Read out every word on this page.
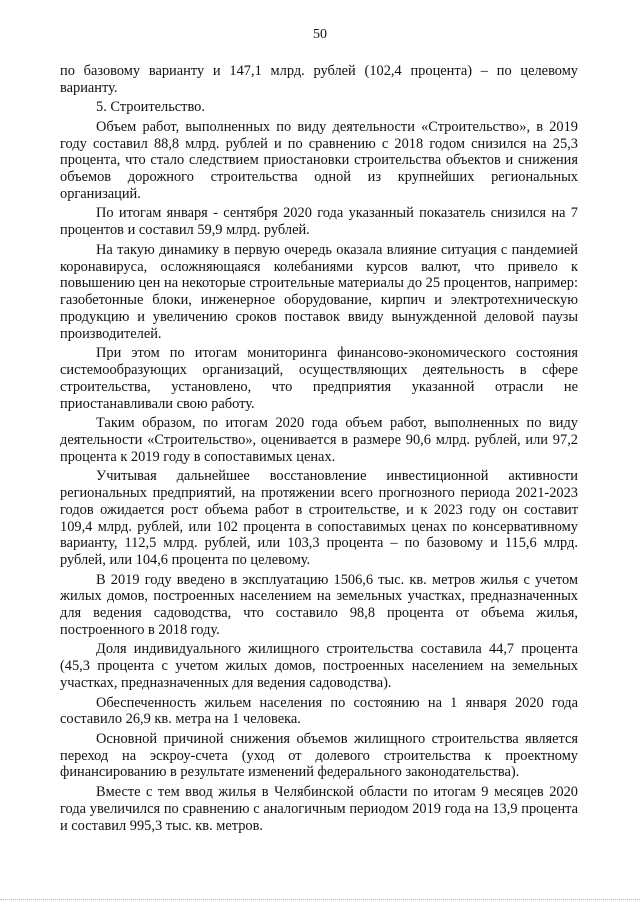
50

по базовому варианту и 147,1 млрд. рублей (102,4 процента) – по целевому варианту.

5. Строительство.

Объем работ, выполненных по виду деятельности «Строительство», в 2019 году составил 88,8 млрд. рублей и по сравнению с 2018 годом снизился на 25,3 процента, что стало следствием приостановки строительства объектов и снижения объемов дорожного строительства одной из крупнейших региональных организаций.

По итогам января - сентября 2020 года указанный показатель снизился на 7 процентов и составил 59,9 млрд. рублей.

На такую динамику в первую очередь оказала влияние ситуация с пандемией коронавируса, осложняющаяся колебаниями курсов валют, что привело к повышению цен на некоторые строительные материалы до 25 процентов, например: газобетонные блоки, инженерное оборудование, кирпич и электротехническую продукцию и увеличению сроков поставок ввиду вынужденной деловой паузы производителей.

При этом по итогам мониторинга финансово-экономического состояния системообразующих организаций, осуществляющих деятельность в сфере строительства, установлено, что предприятия указанной отрасли не приостанавливали свою работу.

Таким образом, по итогам 2020 года объем работ, выполненных по виду деятельности «Строительство», оценивается в размере 90,6 млрд. рублей, или 97,2 процента к 2019 году в сопоставимых ценах.

Учитывая дальнейшее восстановление инвестиционной активности региональных предприятий, на протяжении всего прогнозного периода 2021-2023 годов ожидается рост объема работ в строительстве, и к 2023 году он составит 109,4 млрд. рублей, или 102 процента в сопоставимых ценах по консервативному варианту, 112,5 млрд. рублей, или 103,3 процента – по базовому и 115,6 млрд. рублей, или 104,6 процента по целевому.

В 2019 году введено в эксплуатацию 1506,6 тыс. кв. метров жилья с учетом жилых домов, построенных населением на земельных участках, предназначенных для ведения садоводства, что составило 98,8 процента от объема жилья, построенного в 2018 году.

Доля индивидуального жилищного строительства составила 44,7 процента (45,3 процента с учетом жилых домов, построенных населением на земельных участках, предназначенных для ведения садоводства).

Обеспеченность жильем населения по состоянию на 1 января 2020 года составило 26,9 кв. метра на 1 человека.

Основной причиной снижения объемов жилищного строительства является переход на эскроу-счета (уход от долевого строительства к проектному финансированию в результате изменений федерального законодательства).

Вместе с тем ввод жилья в Челябинской области по итогам 9 месяцев 2020 года увеличился по сравнению с аналогичным периодом 2019 года на 13,9 процента и составил 995,3 тыс. кв. метров.
